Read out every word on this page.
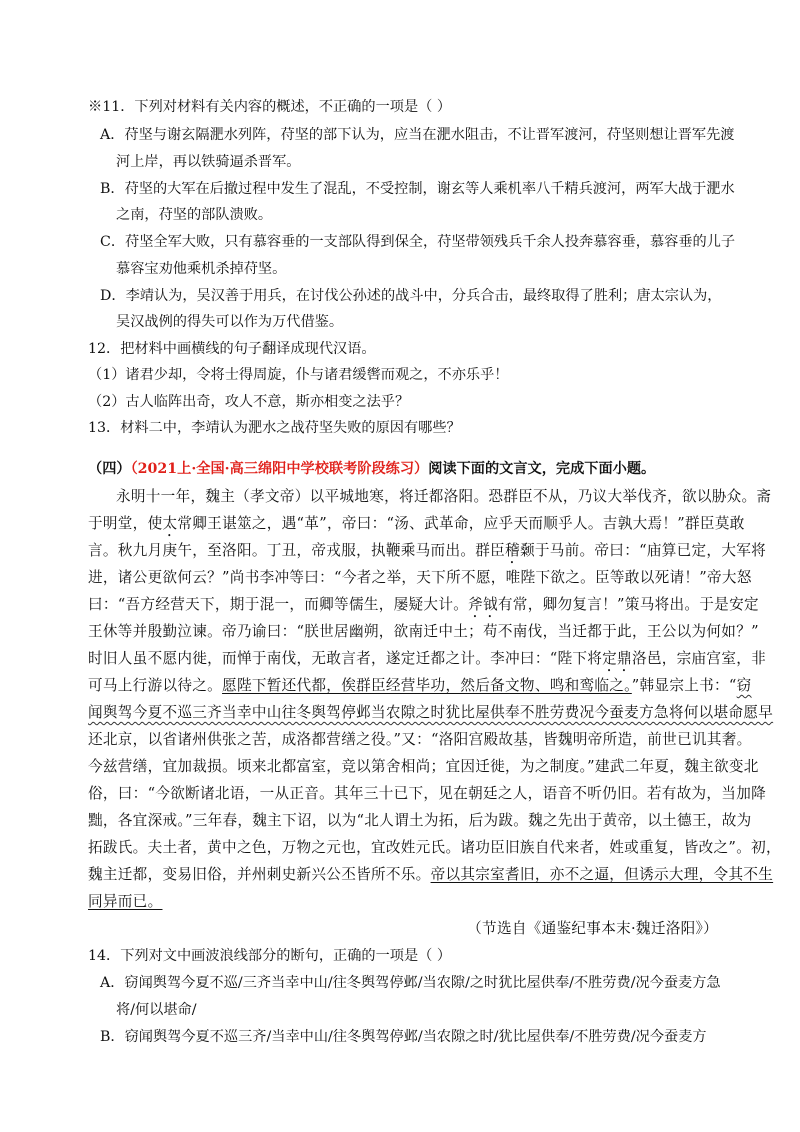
※11．下列对材料有关内容的概述，不正确的一项是（ ）
A．苻坚与谢玄隔淝水列阵，苻坚的部下认为，应当在淝水阻击，不让晋军渡河，苻坚则想让晋军先渡
河上岸，再以铁骑逼杀晋军。
B．苻坚的大军在后撤过程中发生了混乱，不受控制，谢玄等人乘机率八千精兵渡河，两军大战于淝水
之南，苻坚的部队溃败。
C．苻坚全军大败，只有慕容垂的一支部队得到保全，苻坚带领残兵千余人投奔慕容垂，慕容垂的儿子
慕容宝劝他乘机杀掉苻坚。
D．李靖认为，吴汉善于用兵，在讨伐公孙述的战斗中，分兵合击，最终取得了胜利；唐太宗认为，
吴汉战例的得失可以作为万代借鉴。
12．把材料中画横线的句子翻译成现代汉语。
（1）诸君少却，令将士得周旋，仆与诸君缓辔而观之，不亦乐乎！
（2）古人临阵出奇，攻人不意，斯亦相变之法乎？
13．材料二中，李靖认为淝水之战苻坚失败的原因有哪些？
（四）（2021上·全国·高三绵阳中学校联考阶段练习）阅读下面的文言文，完成下面小题。
永明十一年，魏主（孝文帝）以平城地寒，将迁都洛阳。恐群臣不从，乃议大举伐齐，欲以胁众。斋
于明堂，使太常卿王谌筮之，遇“革”，帝曰：“汤、武革命，应乎天而顺乎人。吉孰大焉！”群臣莫敢
言。秋九月庚午，至洛阳。丁丑，帝戎服，执鞭乘马而出。群臣稽颡于马前。帝曰：“庙算已定，大军将
进，诸公更欲何云？”尚书李冲等曰：“今者之举，天下所不愿，唯陛下欲之。臣等敢以死请！”帝大怒
曰：“吾方经营天下，期于混一，而卿等儒生，屡疑大计。斧钺有常，卿勿复言！”策马将出。于是安定
王休等并殷勤泣谏。帝乃谕曰：“朕世居幽朔，欲南迁中土；苟不南伐，当迁都于此，王公以为何如？”
时旧人虽不愿内徙，而惮于南伐，无敢言者，遂定迁都之计。李冲曰：“陛下将定鼎洛邑，宗庙宫室，非
可马上行游以待之。愿陛下暂还代都，俟群臣经营毕功，然后备文物、鸣和鸾临之。”韩显宗上书：“窃
闻舆驾今夏不巡三齐当幸中山往冬舆驾停邺当农隙之时犹比屋供奉不胜劳费况今蚕麦方急将何以堪命愿早
还北京，以省诸州供张之苦，成洛都营缮之役。”又：“洛阳宫殿故基，皆魏明帝所造，前世已讥其奢。
今兹营缮，宜加裁损。顷来北都富室，竞以第舍相尚；宜因迁徙，为之制度。”建武二年夏，魏主欲变北
俗，曰：“今欲断诸北语，一从正音。其年三十已下，见在朝廷之人，语音不听仍旧。若有故为，当加降
黜，各宜深戒。”三年春，魏主下诏，以为“北人谓土为拓，后为跋。魏之先出于黄帝，以土德王，故为
拓跋氏。夫土者，黄中之色，万物之元也，宜改姓元氏。诸功臣旧族自代来者，姓或重复，皆改之”。初，
魏主迁都，变易旧俗，并州刺史新兴公丕皆所不乐。帝以其宗室耆旧，亦不之逼，但诱示大理，令其不生
同异而已。
（节选自《通鉴纪事本末·魏迁洛阳》）
14．下列对文中画波浪线部分的断句，正确的一项是（ ）
A．窃闻舆驾今夏不巡/三齐当幸中山/往冬舆驾停邺/当农隙/之时犹比屋供奉/不胜劳费/况今蚕麦方急
将/何以堪命/
B．窃闻舆驾今夏不巡三齐/当幸中山/往冬舆驾停邺/当农隙之时/犹比屋供奉/不胜劳费/况今蚕麦方
